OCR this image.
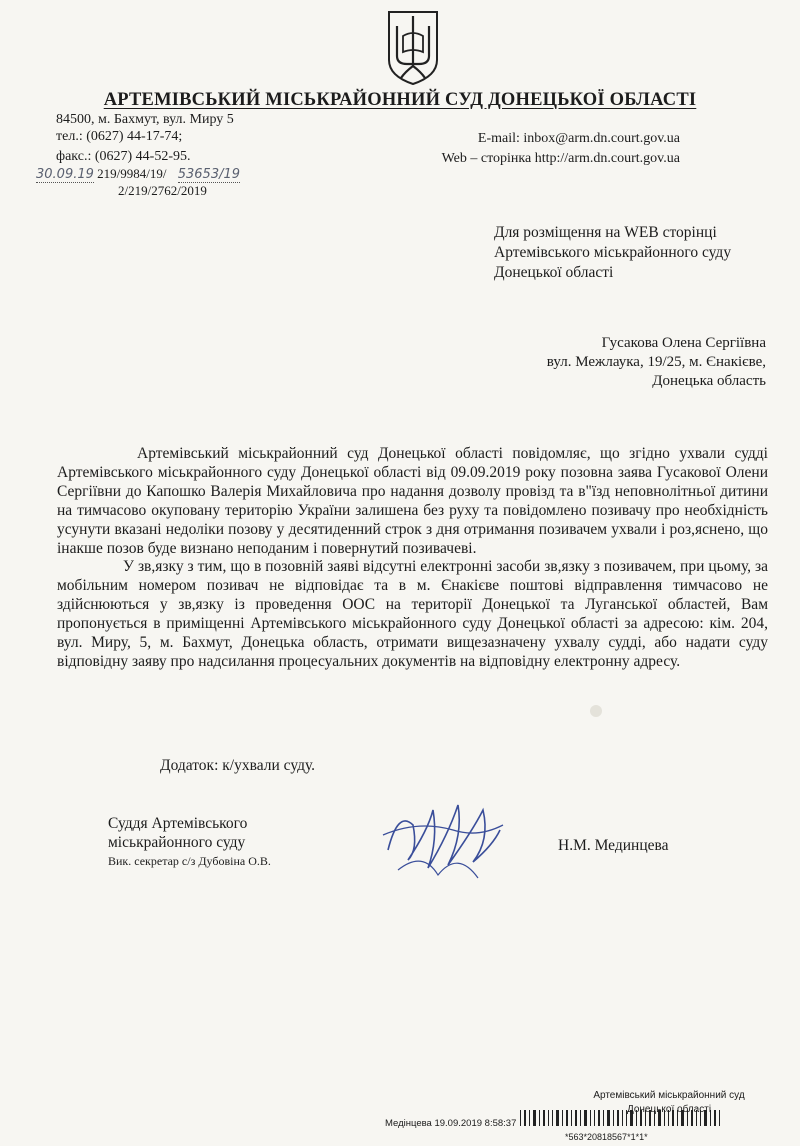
АРТЕМІВСЬКИЙ МІСЬКРАЙОННИЙ СУД ДОНЕЦЬКОЇ ОБЛАСТІ
84500, м. Бахмут, вул. Миру 5
тел.: (0627) 44-17-74;
факс.: (0627) 44-52-95.
E-mail: inbox@arm.dn.court.gov.ua
Web – сторінка http://arm.dn.court.gov.ua
30.09.19 219/9984/19/ 53653/19
2/219/2762/2019
Для розміщення на WEB сторінці
Артемівського міськрайонного суду
Донецької області
Гусакова Олена Сергіївна
вул. Межлаука, 19/25, м. Єнакієве,
Донецька область
Артемівський міськрайонний суд Донецької області повідомляє, що згідно ухвали судді Артемівського міськрайонного суду Донецької області від 09.09.2019 року позовна заява Гусакової Олени Сергіївни до Капошко Валерія Михайловича про надання дозволу провізд та в"їзд неповнолітньої дитини на тимчасово окуповану територію України залишена без руху та повідомлено позивачу про необхідність усунути вказані недоліки позову у десятиденний строк з дня отримання позивачем ухвали і роз,яснено, що інакше позов буде визнано неподаним і повернутий позивачеві.
У зв,язку з тим, що в позовній заяві відсутні електронні засоби зв,язку з позивачем, при цьому, за мобільним номером позивач не відповідає та в м. Єнакієве поштові відправлення тимчасово не здійснюються у зв,язку із проведення ООС на території Донецької та Луганської областей, Вам пропонується в приміщенні Артемівського міськрайонного суду Донецької області за адресою: кім. 204, вул. Миру, 5, м. Бахмут, Донецька область, отримати вищезазначену ухвалу судді, або надати суду відповідну заяву про надсилання процесуальних документів на відповідну електронну адресу.
Додаток: к/ухвали суду.
Суддя Артемівського
міськрайонного суду
Вик. секретар с/з Дубовіна О.В.
Н.М. Мединцева
Артемівський міськрайонний суд
Медінцева 19.09.2019 8:58:37
Донецької області
*563*20818567*1*1*
